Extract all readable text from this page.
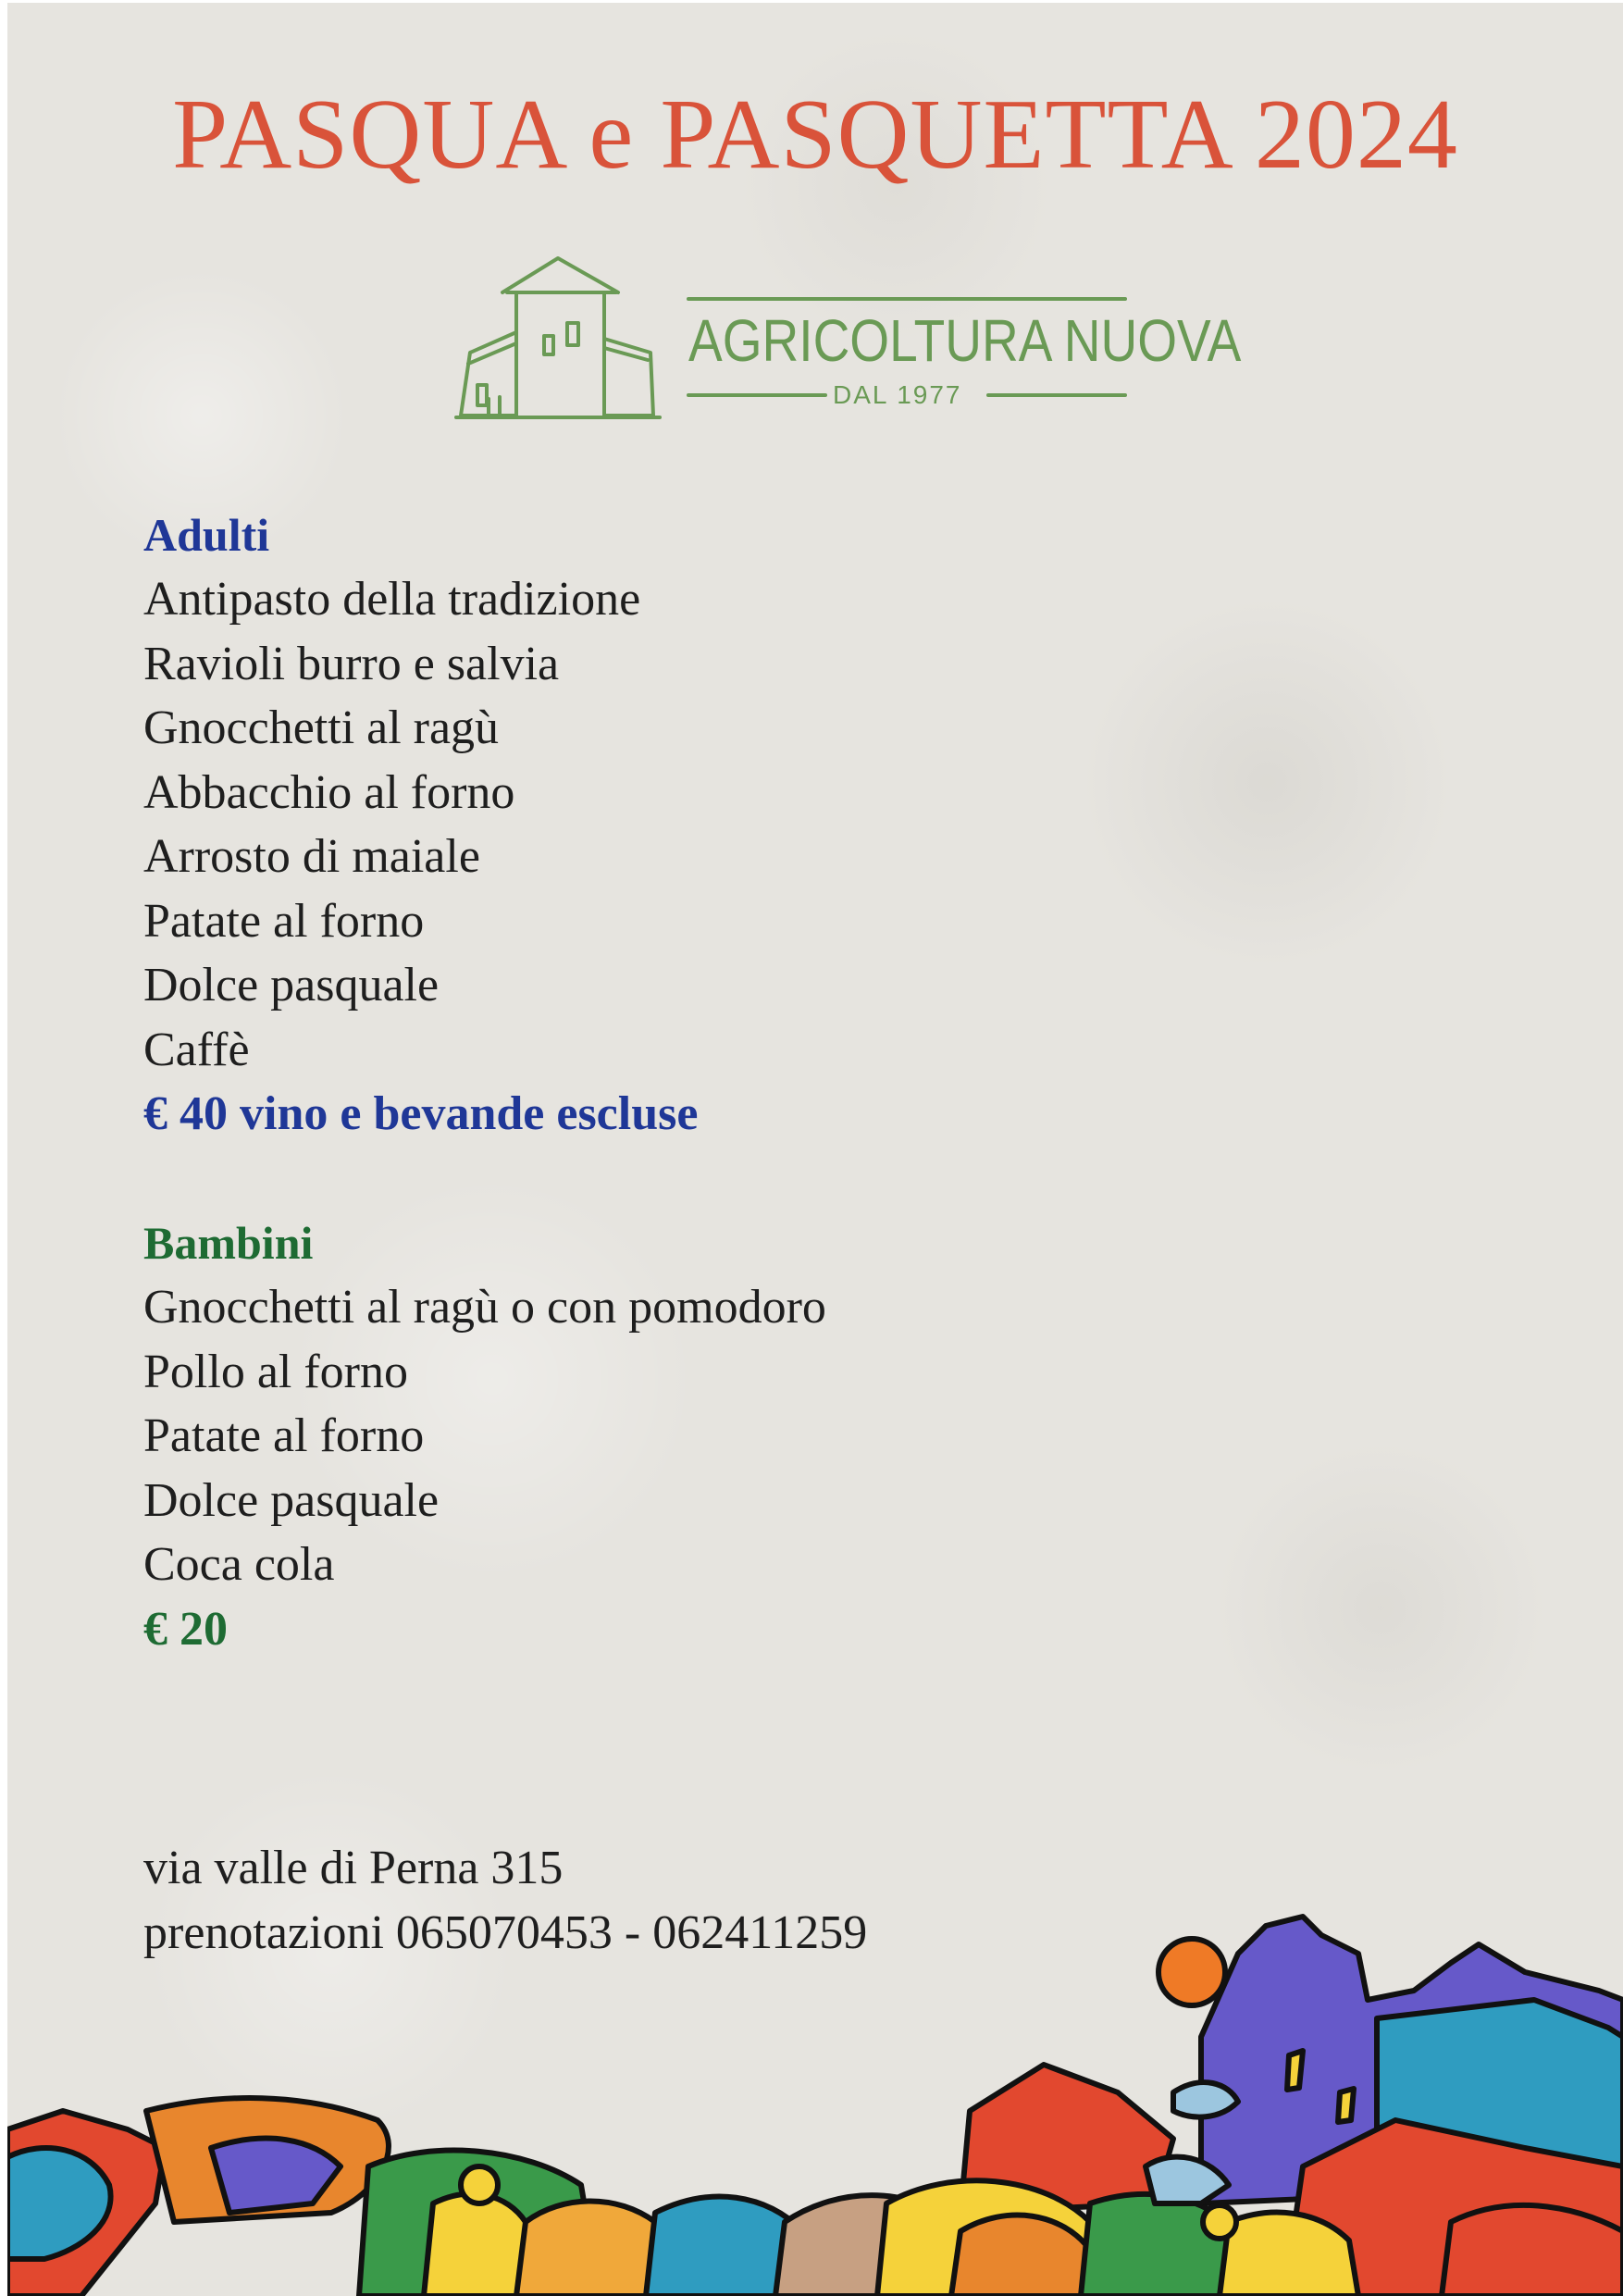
PASQUA e PASQUETTA 2024
AGRICOLTURA NUOVA
DAL 1977
Adulti
Antipasto della tradizione
Ravioli burro e salvia
Gnocchetti al ragù
Abbacchio al forno
Arrosto di maiale
Patate al forno
Dolce pasquale
Caffè
€ 40 vino e bevande escluse
Bambini
Gnocchetti al ragù o con pomodoro
Pollo al forno
Patate al forno
Dolce pasquale
Coca cola
€ 20
via valle di Perna 315
prenotazioni 065070453 - 062411259
